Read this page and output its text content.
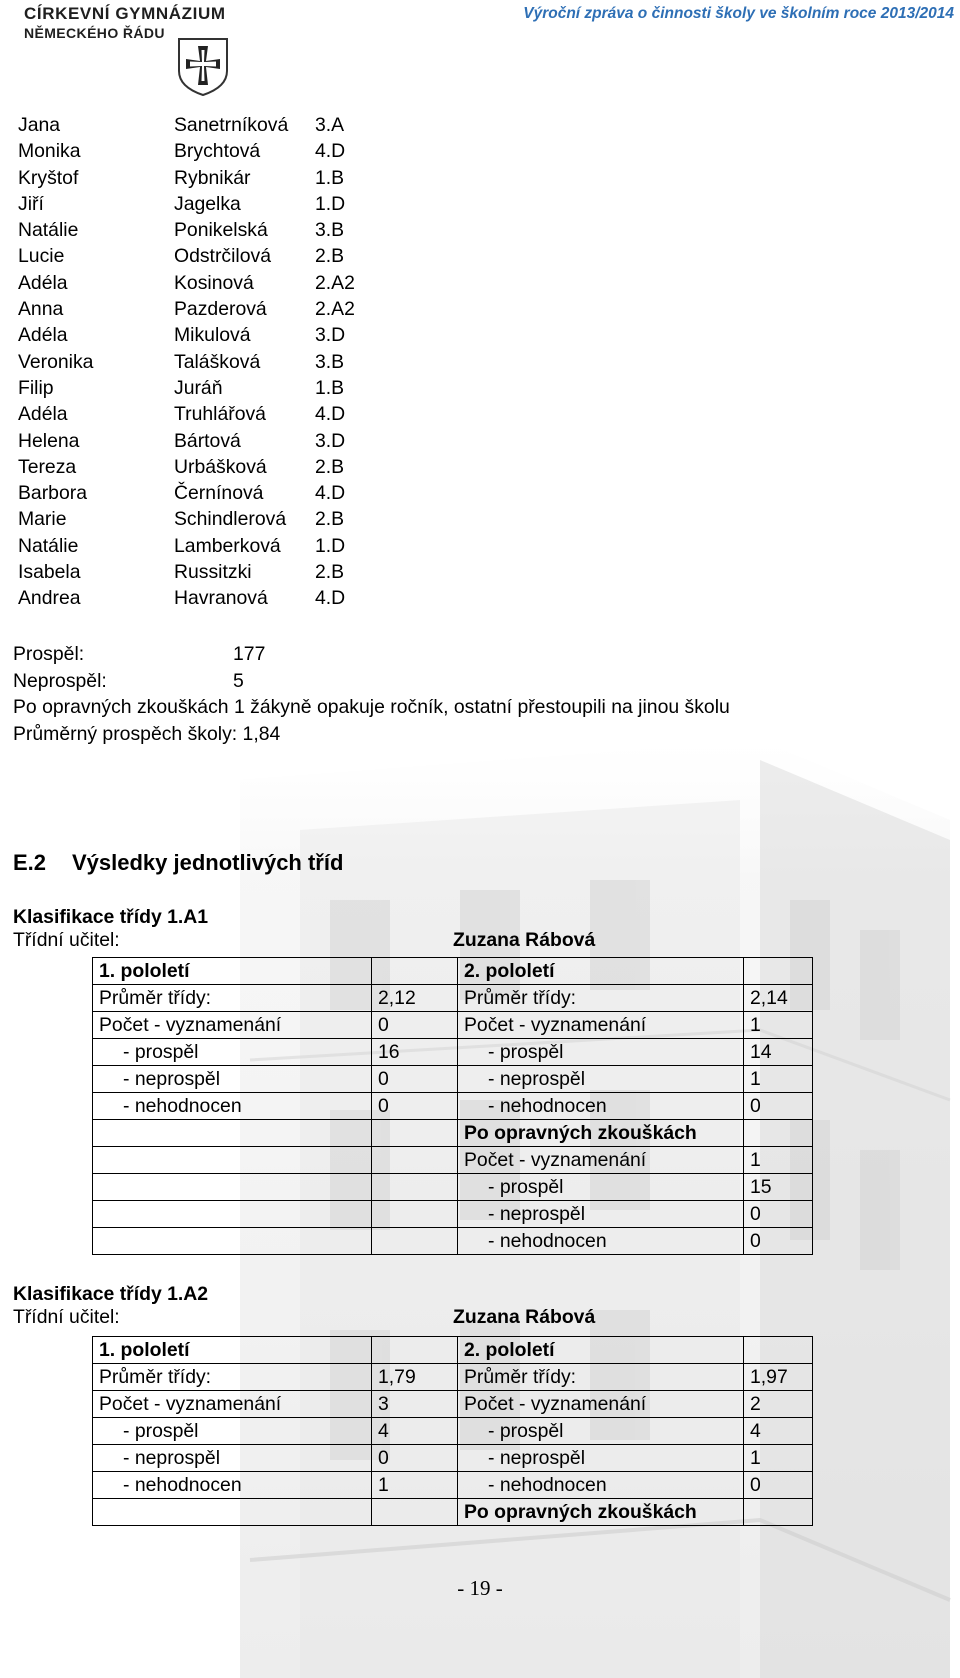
CÍRKEVNÍ GYMNÁZIUM
NĚMECKÉHO ŘÁDU
Výroční zpráva o činnosti školy ve školním roce 2013/2014
Jana	Sanetrníková	3.A
Monika	Brychtová	4.D
Kryštof	Rybnikár	1.B
Jiří	Jagelka	1.D
Natálie	Ponikelská	3.B
Lucie	Odstrčilová	2.B
Adéla	Kosinová	2.A2
Anna	Pazderová	2.A2
Adéla	Mikulová	3.D
Veronika	Talášková	3.B
Filip	Juráň	1.B
Adéla	Truhlářová	4.D
Helena	Bártová	3.D
Tereza	Urbášková	2.B
Barbora	Černínová	4.D
Marie	Schindlerová	2.B
Natálie	Lamberková	1.D
Isabela	Russitzki	2.B
Andrea	Havranová	4.D
Prospěl:	177
Neprospěl:	5
Po opravných zkouškách 1 žákyně opakuje ročník, ostatní přestoupili na jinou školu
Průměrný prospěch školy: 1,84
E.2 Výsledky jednotlivých tříd
Klasifikace třídy 1.A1
Třídní učitel:	Zuzana Rábová
1. pololetí		2. pololetí	
Průměr třídy:	2,12	Průměr třídy:	2,14
Počet - vyznamenání	0	Počet - vyznamenání	1
- prospěl	16	- prospěl	14
- neprospěl	0	- neprospěl	1
- nehodnocen	0	- nehodnocen	0
		Po opravných zkouškách	
		Počet - vyznamenání	1
		- prospěl	15
		- neprospěl	0
		- nehodnocen	0
Klasifikace třídy 1.A2
Třídní učitel:	Zuzana Rábová
1. pololetí		2. pololetí	
Průměr třídy:	1,79	Průměr třídy:	1,97
Počet - vyznamenání	3	Počet - vyznamenání	2
- prospěl	4	- prospěl	4
- neprospěl	0	- neprospěl	1
- nehodnocen	1	- nehodnocen	0
		Po opravných zkouškách	
- 19 -
